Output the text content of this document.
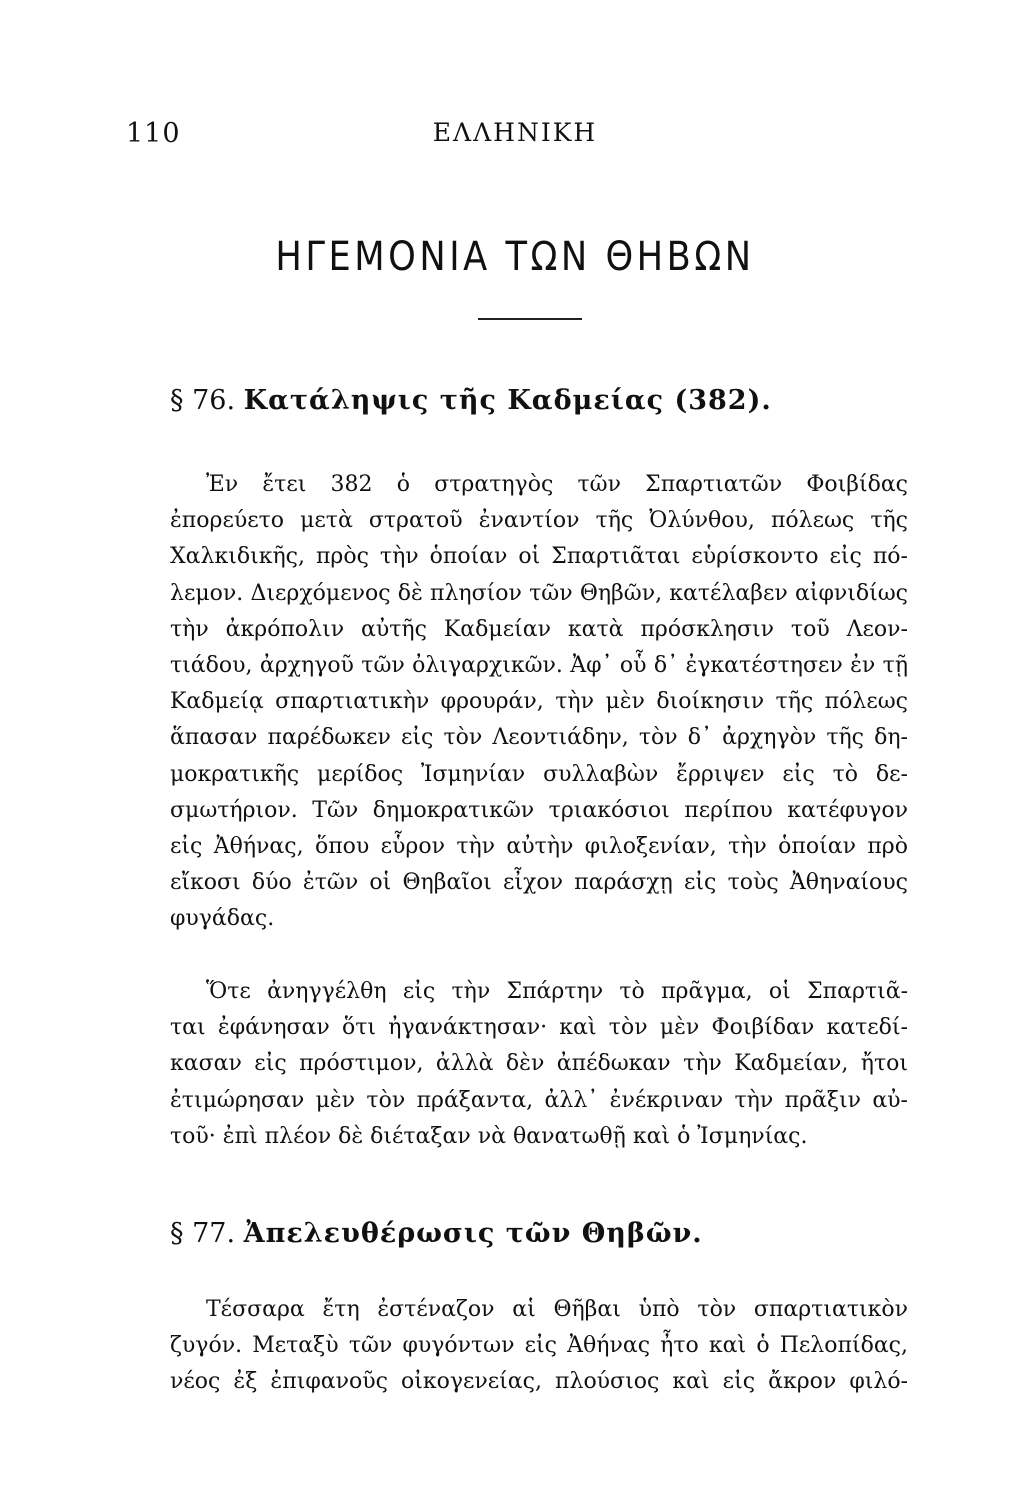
110	ΕΛΛΗΝΙΚΗ
ΗΓΕΜΟΝΙΑ ΤΩΝ ΘΗΒΩΝ
§ 76. Κατάληψις τῆς Καδμείας (382).
Ἐν ἔτει 382 ὁ στρατηγὸς τῶν Σπαρτιατῶν Φοιβίδας
ἐπορεύετο μετὰ στρατοῦ ἐναντίον τῆς Ὀλύνθου, πόλεως τῆς
Χαλκιδικῆς, πρὸς τὴν ὁποίαν οἱ Σπαρτιᾶται εὑρίσκοντο εἰς πό-
λεμον. Διερχόμενος δὲ πλησίον τῶν Θηβῶν, κατέλαβεν αἰφνιδίως
τὴν ἀκρόπολιν αὐτῆς Καδμείαν κατὰ πρόσκλησιν τοῦ Λεον-
τιάδου, ἀρχηγοῦ τῶν ὀλιγαρχικῶν. Ἀφ᾽ οὗ δ᾽ ἐγκατέστησεν ἐν τῇ
Καδμείᾳ σπαρτιατικὴν φρουράν, τὴν μὲν διοίκησιν τῆς πόλεως
ἅπασαν παρέδωκεν εἰς τὸν Λεοντιάδην, τὸν δ᾽ ἀρχηγὸν τῆς δη-
μοκρατικῆς μερίδος Ἰσμηνίαν συλλαβὼν ἔρριψεν εἰς τὸ δε-
σμωτήριον. Τῶν δημοκρατικῶν τριακόσιοι περίπου κατέφυγον
εἰς Ἀθήνας, ὅπου εὗρον τὴν αὐτὴν φιλοξενίαν, τὴν ὁποίαν πρὸ
εἴκοσι δύο ἐτῶν οἱ Θηβαῖοι εἶχον παράσχῃ εἰς τοὺς Ἀθηναίους
φυγάδας.
Ὅτε ἀνηγγέλθη εἰς τὴν Σπάρτην τὸ πρᾶγμα, οἱ Σπαρτιᾶ-
ται ἐφάνησαν ὅτι ἠγανάκτησαν· καὶ τὸν μὲν Φοιβίδαν κατεδί-
κασαν εἰς πρόστιμον, ἀλλὰ δὲν ἀπέδωκαν τὴν Καδμείαν, ἤτοι
ἐτιμώρησαν μὲν τὸν πράξαντα, ἀλλ᾽ ἐνέκριναν τὴν πρᾶξιν αὐ-
τοῦ· ἐπὶ πλέον δὲ διέταξαν νὰ θανατωθῇ καὶ ὁ Ἰσμηνίας.
§ 77. Ἀπελευθέρωσις τῶν Θηβῶν.
Τέσσαρα ἔτη ἐστέναζον αἱ Θῆβαι ὑπὸ τὸν σπαρτιατικὸν
ζυγόν. Μεταξὺ τῶν φυγόντων εἰς Ἀθήνας ἦτο καὶ ὁ Πελοπίδας,
νέος ἐξ ἐπιφανοῦς οἰκογενείας, πλούσιος καὶ εἰς ἄκρον φιλό-
